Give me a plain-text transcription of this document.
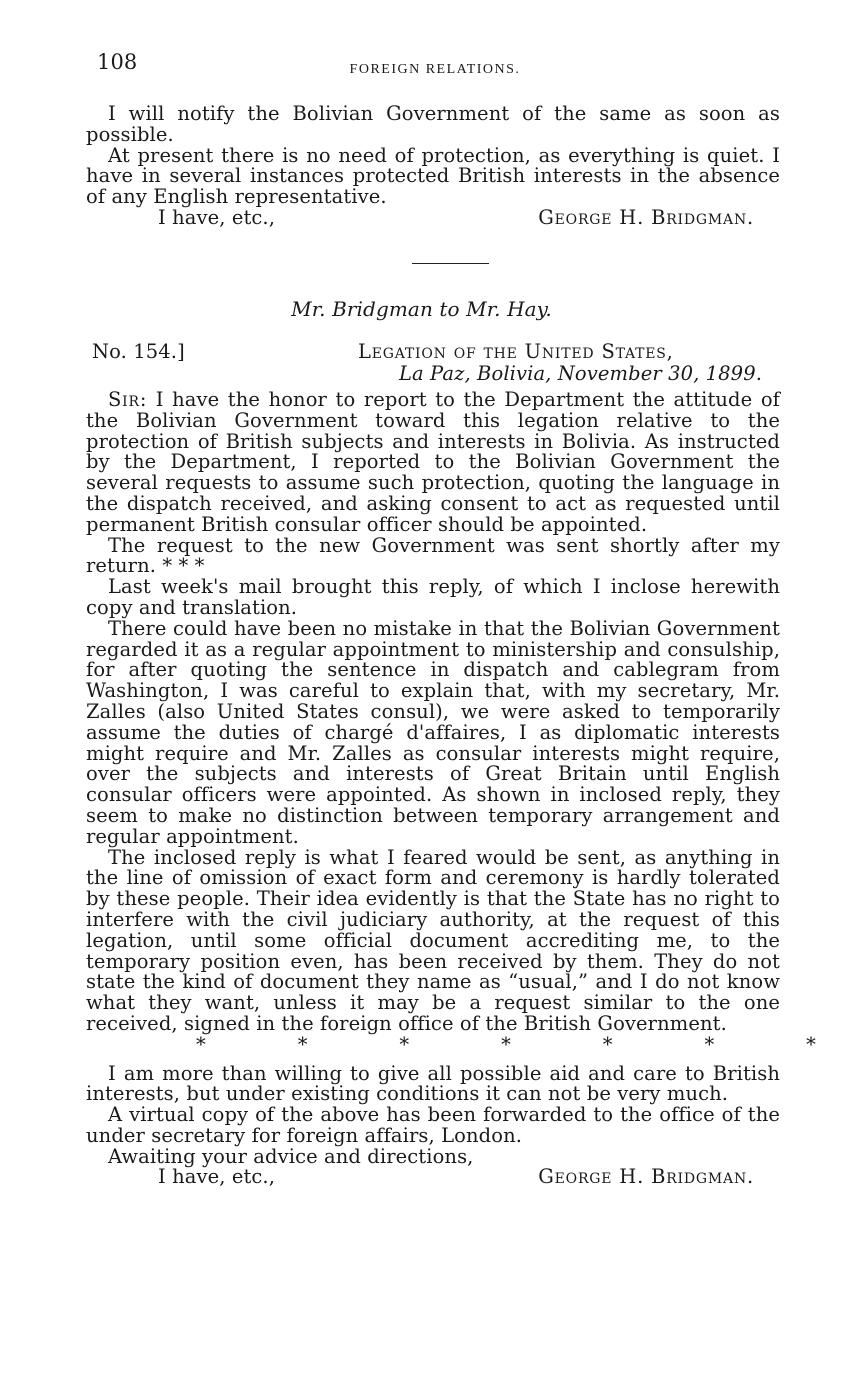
108	FOREIGN RELATIONS.

I will notify the Bolivian Government of the same as soon as possible.

At present there is no need of protection, as everything is quiet. I have in several instances protected British interests in the absence of any English representative.

I have, etc.,	George H. Bridgman.
Mr. Bridgman to Mr. Hay.
No. 154.]	Legation of the United States,
La Paz, Bolivia, November 30, 1899.

Sir: I have the honor to report to the Department the attitude of the Bolivian Government toward this legation relative to the protection of British subjects and interests in Bolivia. As instructed by the Department, I reported to the Bolivian Government the several requests to assume such protection, quoting the language in the dispatch received, and asking consent to act as requested until permanent British consular officer should be appointed.

The request to the new Government was sent shortly after my return. * * *

Last week's mail brought this reply, of which I inclose herewith copy and translation.

There could have been no mistake in that the Bolivian Government regarded it as a regular appointment to ministership and consulship, for after quoting the sentence in dispatch and cablegram from Washington, I was careful to explain that, with my secretary, Mr. Zalles (also United States consul), we were asked to temporarily assume the duties of chargé d'affaires, I as diplomatic interests might require and Mr. Zalles as consular interests might require, over the subjects and interests of Great Britain until English consular officers were appointed. As shown in inclosed reply, they seem to make no distinction between temporary arrangement and regular appointment.

The inclosed reply is what I feared would be sent, as anything in the line of omission of exact form and ceremony is hardly tolerated by these people. Their idea evidently is that the State has no right to interfere with the civil judiciary authority, at the request of this legation, until some official document accrediting me, to the temporary position even, has been received by them. They do not state the kind of document they name as “usual,” and I do not know what they want, unless it may be a request similar to the one received, signed in the foreign office of the British Government.

*	*	*	*	*	*	*

I am more than willing to give all possible aid and care to British interests, but under existing conditions it can not be very much.

A virtual copy of the above has been forwarded to the office of the under secretary for foreign affairs, London.

Awaiting your advice and directions,

I have, etc.,	George H. Bridgman.
